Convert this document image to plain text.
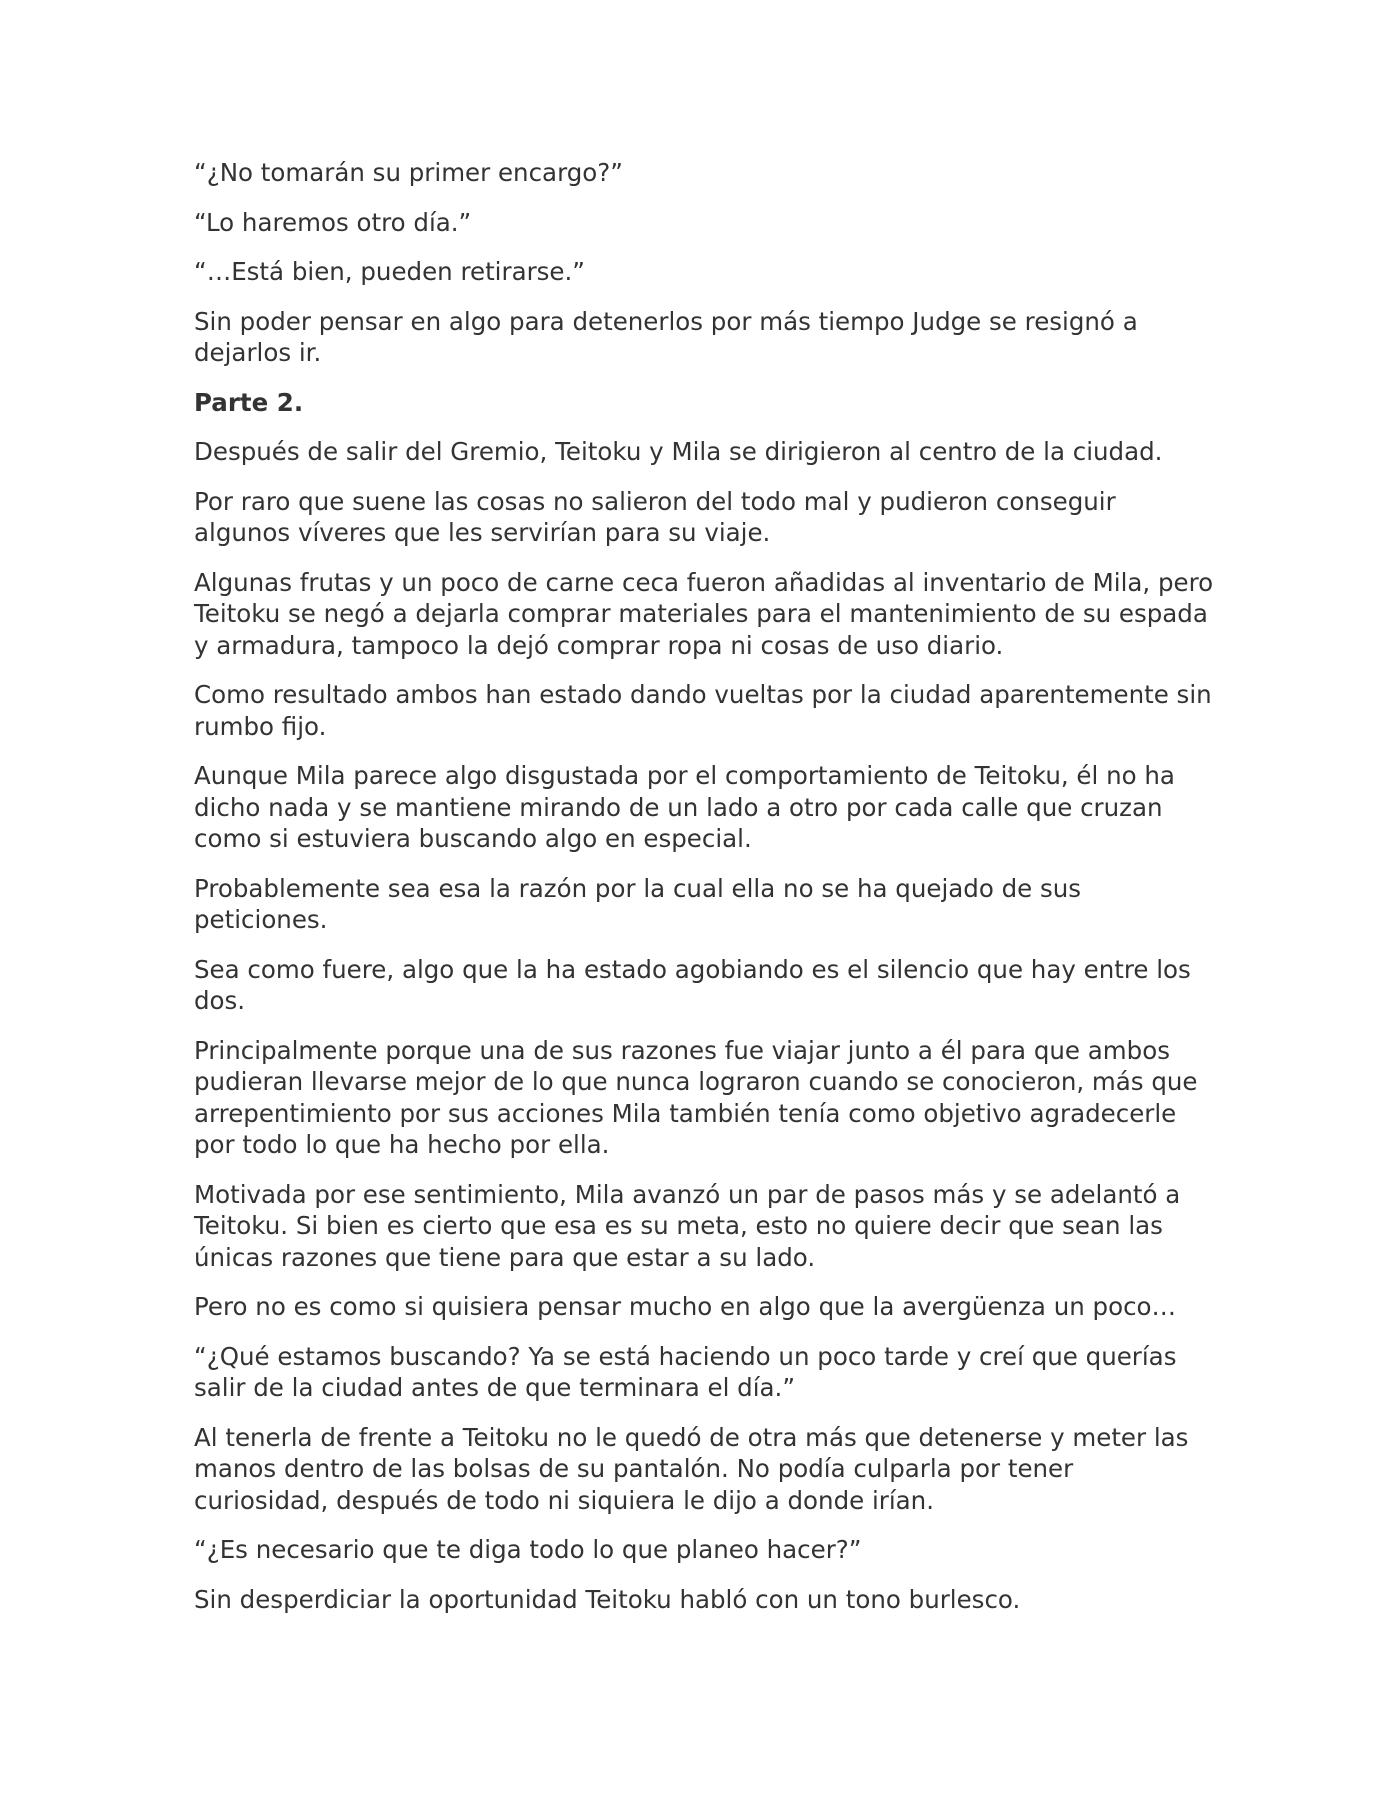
“¿No tomarán su primer encargo?”

“Lo haremos otro día.”

“…Está bien, pueden retirarse.”

Sin poder pensar en algo para detenerlos por más tiempo Judge se resignó a dejarlos ir.

Parte 2.

Después de salir del Gremio, Teitoku y Mila se dirigieron al centro de la ciudad.

Por raro que suene las cosas no salieron del todo mal y pudieron conseguir algunos víveres que les servirían para su viaje.

Algunas frutas y un poco de carne ceca fueron añadidas al inventario de Mila, pero Teitoku se negó a dejarla comprar materiales para el mantenimiento de su espada y armadura, tampoco la dejó comprar ropa ni cosas de uso diario.

Como resultado ambos han estado dando vueltas por la ciudad aparentemente sin rumbo fijo.

Aunque Mila parece algo disgustada por el comportamiento de Teitoku, él no ha dicho nada y se mantiene mirando de un lado a otro por cada calle que cruzan como si estuviera buscando algo en especial.

Probablemente sea esa la razón por la cual ella no se ha quejado de sus peticiones.

Sea como fuere, algo que la ha estado agobiando es el silencio que hay entre los dos.

Principalmente porque una de sus razones fue viajar junto a él para que ambos pudieran llevarse mejor de lo que nunca lograron cuando se conocieron, más que arrepentimiento por sus acciones Mila también tenía como objetivo agradecerle por todo lo que ha hecho por ella.

Motivada por ese sentimiento, Mila avanzó un par de pasos más y se adelantó a Teitoku. Si bien es cierto que esa es su meta, esto no quiere decir que sean las únicas razones que tiene para que estar a su lado.

Pero no es como si quisiera pensar mucho en algo que la avergüenza un poco…

“¿Qué estamos buscando? Ya se está haciendo un poco tarde y creí que querías salir de la ciudad antes de que terminara el día.”

Al tenerla de frente a Teitoku no le quedó de otra más que detenerse y meter las manos dentro de las bolsas de su pantalón. No podía culparla por tener curiosidad, después de todo ni siquiera le dijo a donde irían.

“¿Es necesario que te diga todo lo que planeo hacer?”

Sin desperdiciar la oportunidad Teitoku habló con un tono burlesco.
